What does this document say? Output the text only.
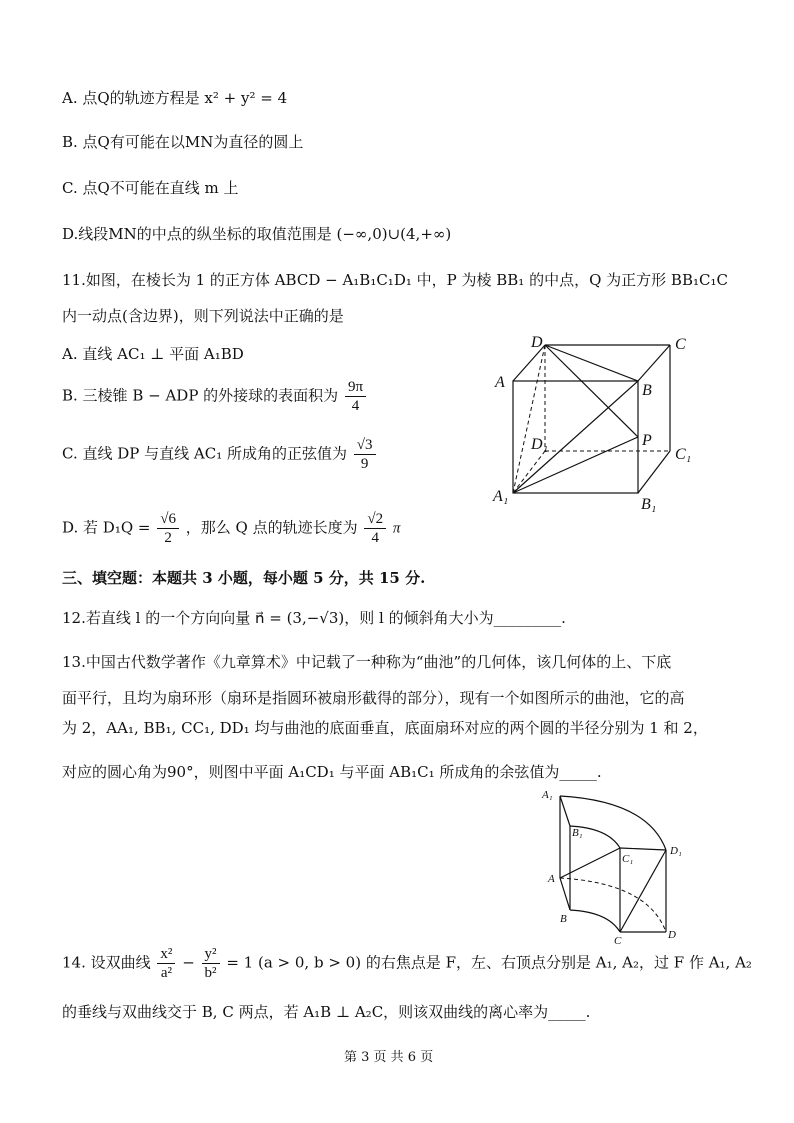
A. 点Q的轨迹方程是 x² + y² = 4
B. 点Q有可能在以MN为直径的圆上
C. 点Q不可能在直线 m 上
D.线段MN的中点的纵坐标的取值范围是 (−∞,0)∪(4,+∞)
11.如图，在棱长为 1 的正方体 ABCD − A₁B₁C₁D₁ 中，P 为棱 BB₁ 的中点，Q 为正方形 BB₁C₁C
内一动点(含边界)，则下列说法中正确的是
A. 直线 AC₁ ⊥ 平面 A₁BD
B. 三棱锥 B − ADP 的外接球的表面积为 $\frac{9\pi}{4}$
C. 直线 DP 与直线 AC₁ 所成角的正弦值为 $\frac{√3}{9}$
D. 若 $D_1Q = \frac{√6}{2}$ ，那么 Q 点的轨迹长度为 $\frac{√2}{4}$ π
D	C
A	B
D₁	P
C₁
A₁	B₁
三、填空题：本题共 3 小题，每小题 5 分，共 15 分.
12.若直线 l 的一个方向向量 n⃗ = (3,−√3)，则 l 的倾斜角大小为_________.
13.中国古代数学著作《九章算术》中记载了一种称为“曲池”的几何体，该几何体的上、下底
面平行，且均为扇环形（扇环是指圆环被扇形截得的部分），现有一个如图所示的曲池，它的高
为 2，AA₁, BB₁, CC₁, DD₁ 均与曲池的底面垂直，底面扇环对应的两个圆的半径分别为 1 和 2，
对应的圆心角为90°，则图中平面 A₁CD₁ 与平面 AB₁C₁ 所成角的余弦值为_____.
A₁
B₁
C₁
D₁
A
B
C	D
14. 设双曲线 $\frac{\text{x²}}{\text{a²}} - \frac{\text{y²}}{\text{b²}} = 1$ (a > 0, b > 0) 的右焦点是 F，左、右顶点分别是 A₁, A₂，过 F 作 A₁, A₂
的垂线与双曲线交于 B, C 两点，若 A₁B ⊥ A₂C，则该双曲线的离心率为_____.
第 3 页 共 6 页
